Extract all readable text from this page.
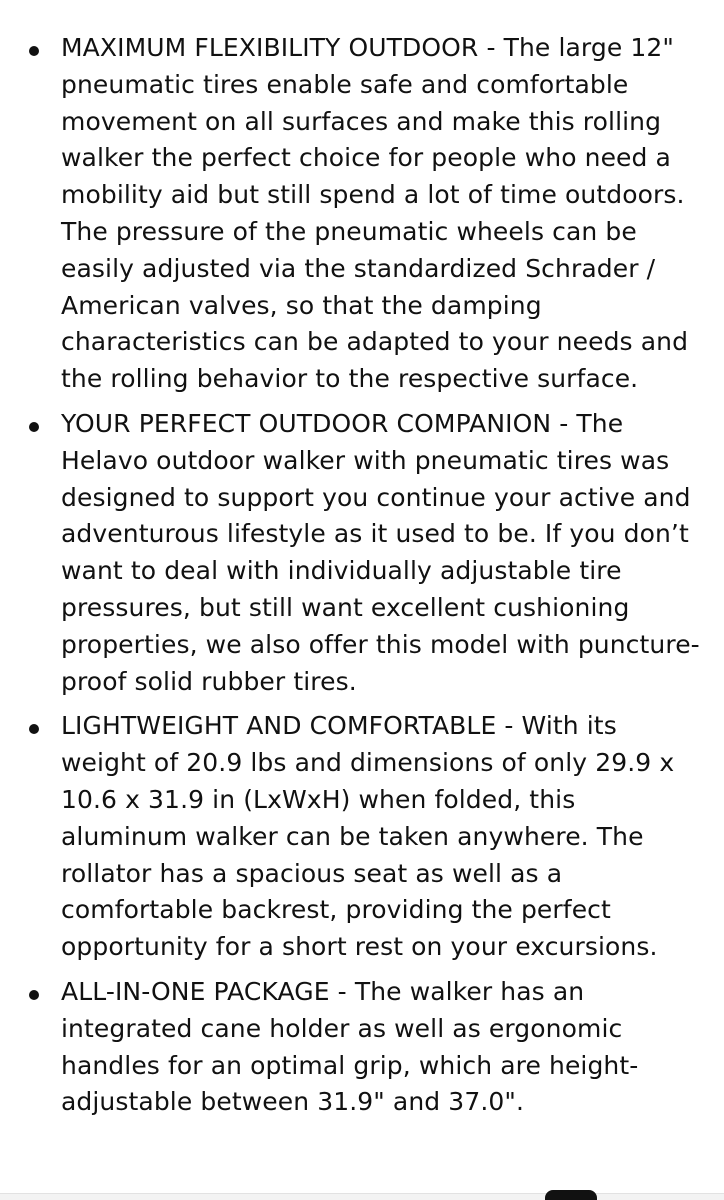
MAXIMUM FLEXIBILITY OUTDOOR - The large 12" pneumatic tires enable safe and comfortable movement on all surfaces and make this rolling walker the perfect choice for people who need a mobility aid but still spend a lot of time outdoors. The pressure of the pneumatic wheels can be easily adjusted via the standardized Schrader / American valves, so that the damping characteristics can be adapted to your needs and the rolling behavior to the respective surface.
YOUR PERFECT OUTDOOR COMPANION - The Helavo outdoor walker with pneumatic tires was designed to support you continue your active and adventurous lifestyle as it used to be. If you don’t want to deal with individually adjustable tire pressures, but still want excellent cushioning properties, we also offer this model with puncture-proof solid rubber tires.
LIGHTWEIGHT AND COMFORTABLE - With its weight of 20.9 lbs and dimensions of only 29.9 x 10.6 x 31.9 in (LxWxH) when folded, this aluminum walker can be taken anywhere. The rollator has a spacious seat as well as a comfortable backrest, providing the perfect opportunity for a short rest on your excursions.
ALL-IN-ONE PACKAGE - The walker has an integrated cane holder as well as ergonomic handles for an optimal grip, which are height-adjustable between 31.9" and 37.0".
